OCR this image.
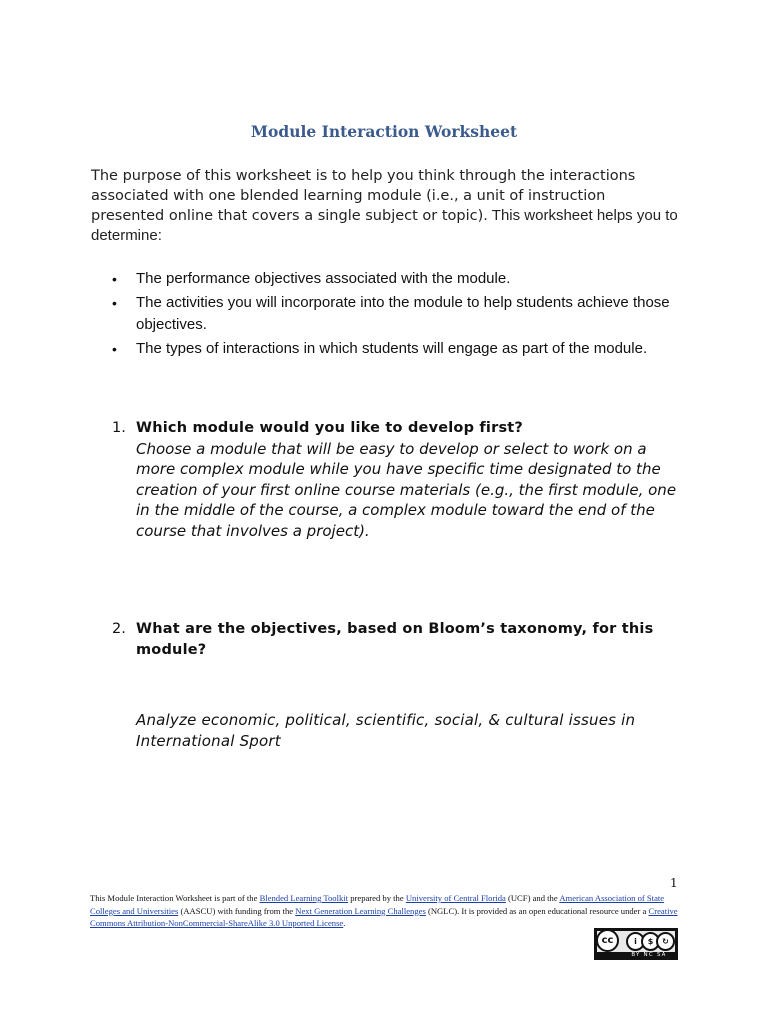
Module Interaction Worksheet
The purpose of this worksheet is to help you think through the interactions associated with one blended learning module (i.e., a unit of instruction presented online that covers a single subject or topic). This worksheet helps you to determine:
• The performance objectives associated with the module.
• The activities you will incorporate into the module to help students achieve those objectives.
• The types of interactions in which students will engage as part of the module.
1. Which module would you like to develop first?
Choose a module that will be easy to develop or select to work on a more complex module while you have specific time designated to the creation of your first online course materials (e.g., the first module, one in the middle of the course, a complex module toward the end of the course that involves a project).
2. What are the objectives, based on Bloom’s taxonomy, for this module?
Analyze economic, political, scientific, social, & cultural issues in International Sport
1
This Module Interaction Worksheet is part of the Blended Learning Toolkit prepared by the University of Central Florida (UCF) and the American Association of State Colleges and Universities (AASCU) with funding from the Next Generation Learning Challenges (NGLC). It is provided as an open educational resource under a Creative Commons Attribution-NonCommercial-ShareAlike 3.0 Unported License.
cc	i	$	↻
BY NC SA
